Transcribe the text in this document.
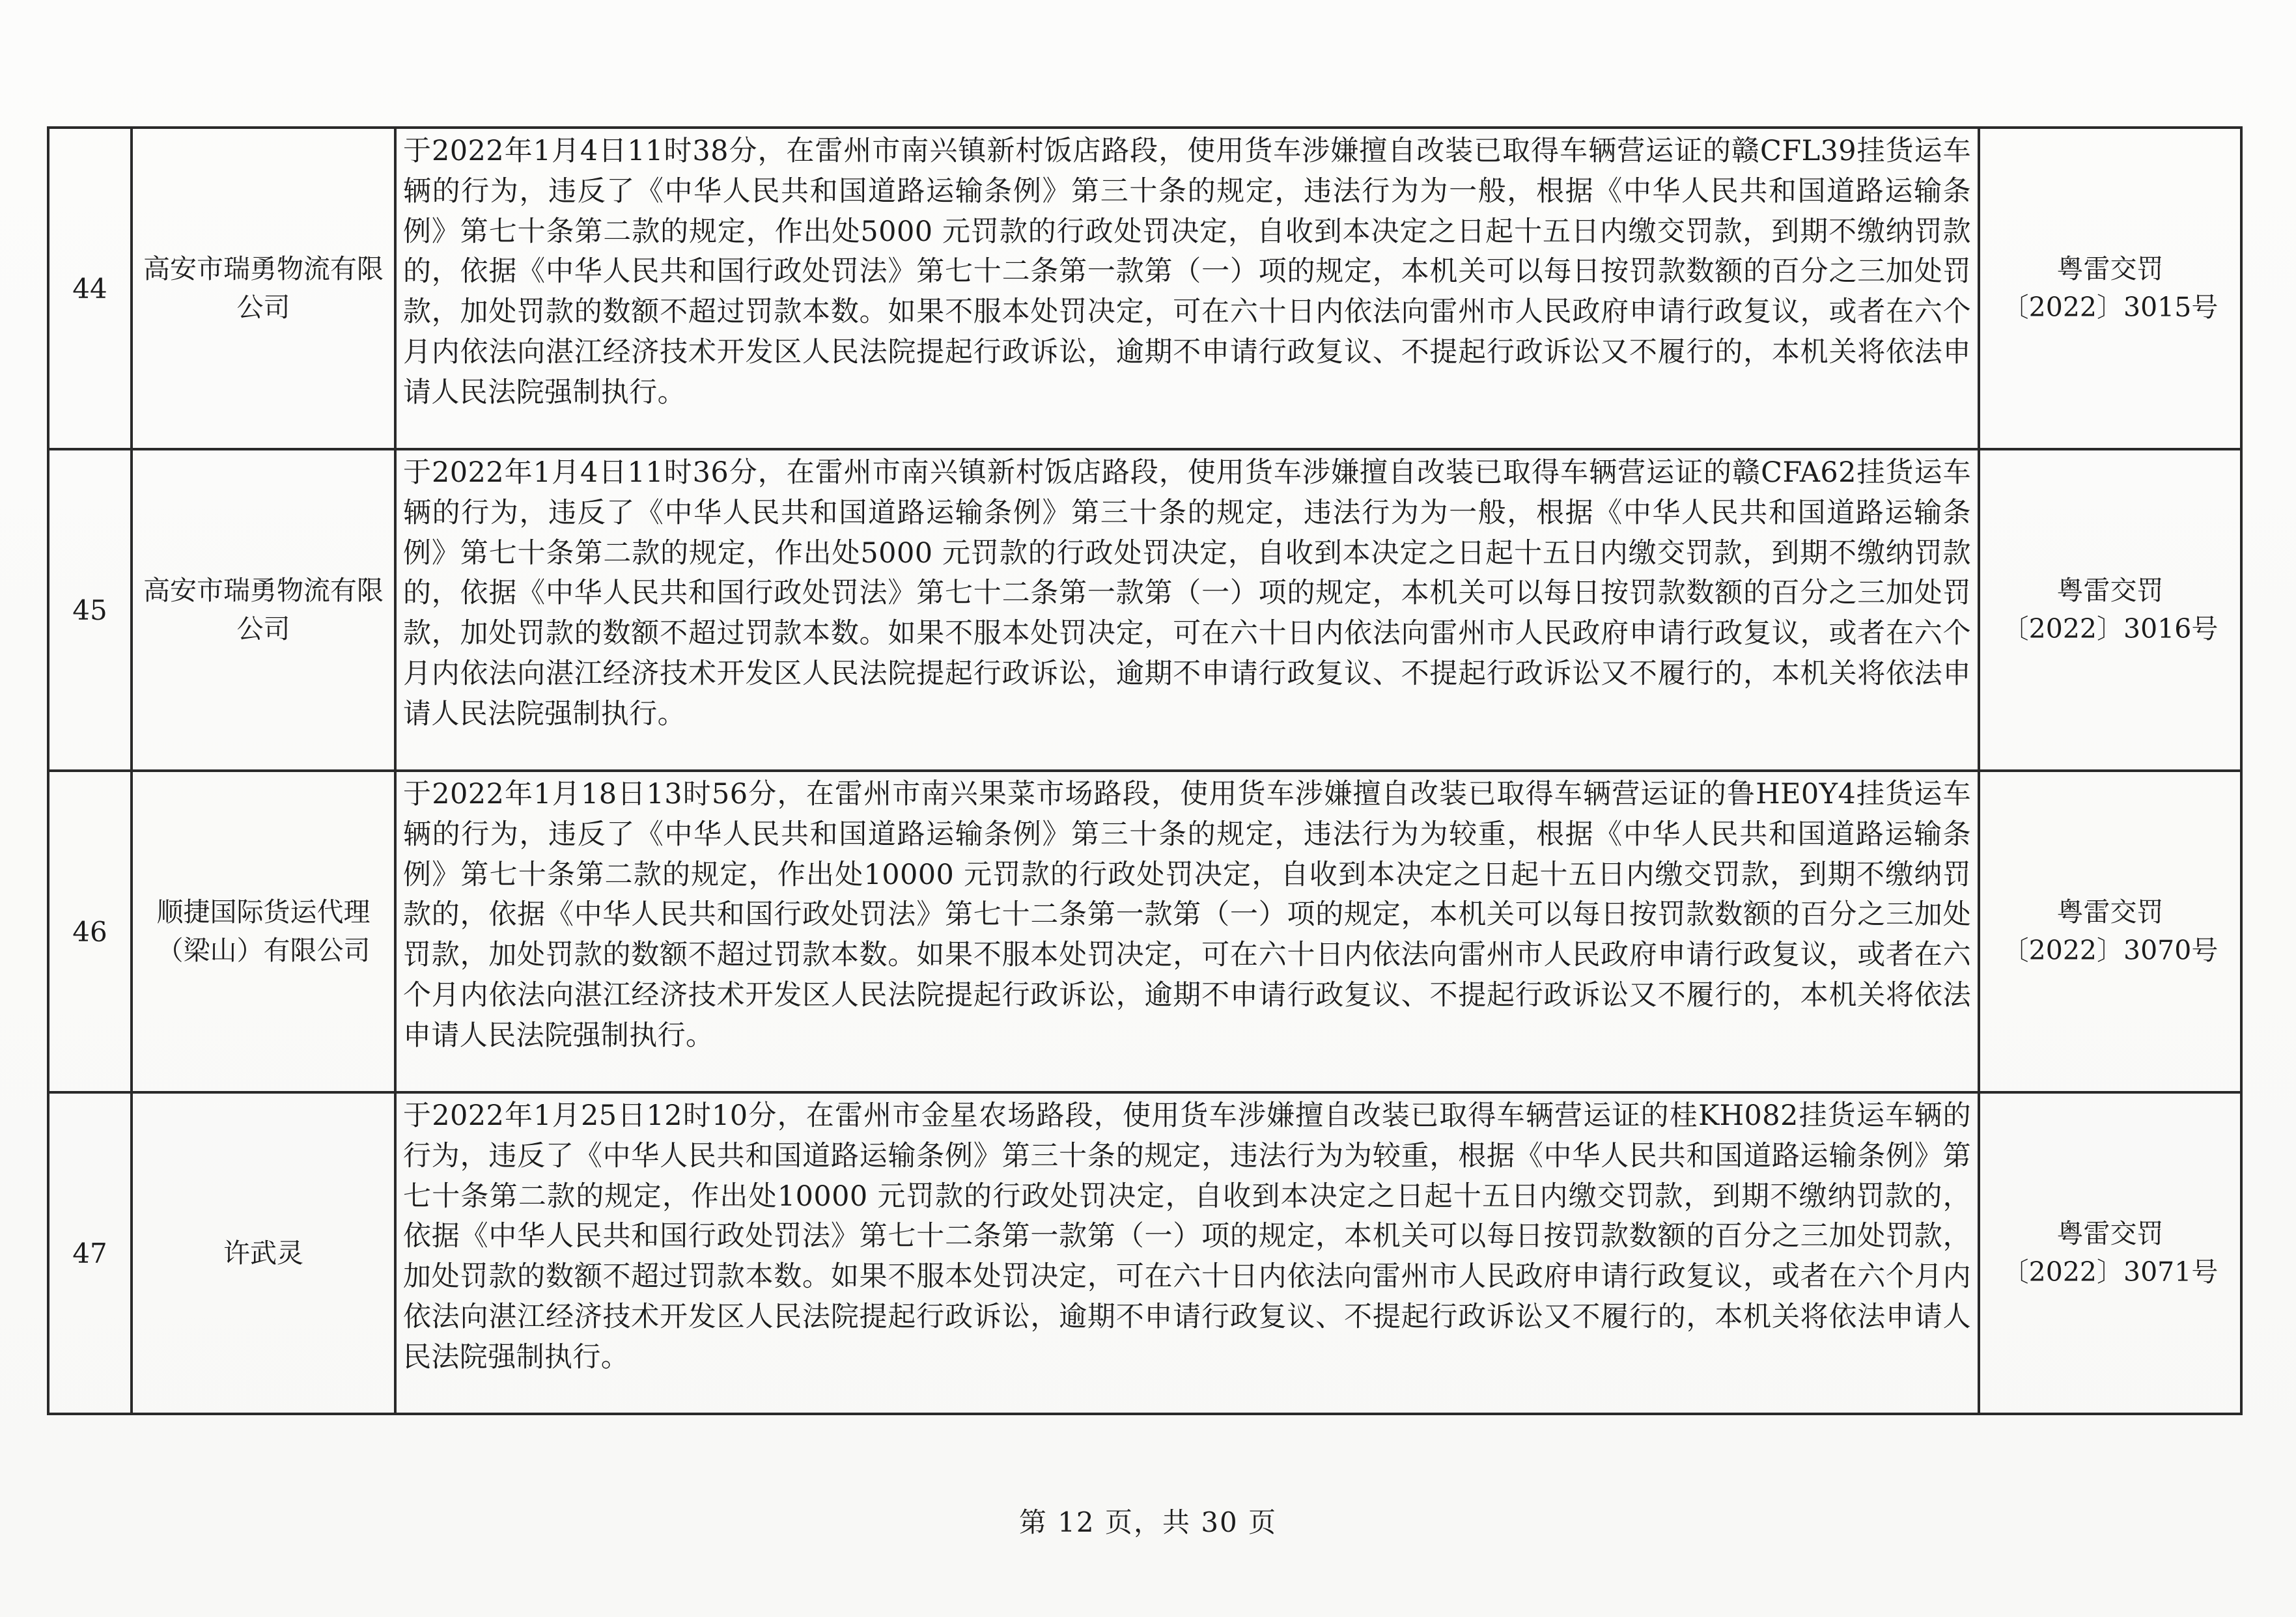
44	高安市瑞勇物流有限公司	于2022年1月4日11时38分，在雷州市南兴镇新村饭店路段，使用货车涉嫌擅自改装已取得车辆营运证的赣CFL39挂货运车辆的行为，违反了《中华人民共和国道路运输条例》第三十条的规定，违法行为为一般，根据《中华人民共和国道路运输条例》第七十条第二款的规定，作出处5000 元罚款的行政处罚决定，自收到本决定之日起十五日内缴交罚款，到期不缴纳罚款的，依据《中华人民共和国行政处罚法》第七十二条第一款第（一）项的规定，本机关可以每日按罚款数额的百分之三加处罚款，加处罚款的数额不超过罚款本数。如果不服本处罚决定，可在六十日内依法向雷州市人民政府申请行政复议，或者在六个月内依法向湛江经济技术开发区人民法院提起行政诉讼，逾期不申请行政复议、不提起行政诉讼又不履行的，本机关将依法申请人民法院强制执行。	粤雷交罚
〔2022〕3015号

45	高安市瑞勇物流有限公司	于2022年1月4日11时36分，在雷州市南兴镇新村饭店路段，使用货车涉嫌擅自改装已取得车辆营运证的赣CFA62挂货运车辆的行为，违反了《中华人民共和国道路运输条例》第三十条的规定，违法行为为一般，根据《中华人民共和国道路运输条例》第七十条第二款的规定，作出处5000 元罚款的行政处罚决定，自收到本决定之日起十五日内缴交罚款，到期不缴纳罚款的，依据《中华人民共和国行政处罚法》第七十二条第一款第（一）项的规定，本机关可以每日按罚款数额的百分之三加处罚款，加处罚款的数额不超过罚款本数。如果不服本处罚决定，可在六十日内依法向雷州市人民政府申请行政复议，或者在六个月内依法向湛江经济技术开发区人民法院提起行政诉讼，逾期不申请行政复议、不提起行政诉讼又不履行的，本机关将依法申请人民法院强制执行。	粤雷交罚
〔2022〕3016号

46	顺捷国际货运代理（梁山）有限公司	于2022年1月18日13时56分，在雷州市南兴果菜市场路段，使用货车涉嫌擅自改装已取得车辆营运证的鲁HE0Y4挂货运车辆的行为，违反了《中华人民共和国道路运输条例》第三十条的规定，违法行为为较重，根据《中华人民共和国道路运输条例》第七十条第二款的规定，作出处10000 元罚款的行政处罚决定，自收到本决定之日起十五日内缴交罚款，到期不缴纳罚款的，依据《中华人民共和国行政处罚法》第七十二条第一款第（一）项的规定，本机关可以每日按罚款数额的百分之三加处罚款，加处罚款的数额不超过罚款本数。如果不服本处罚决定，可在六十日内依法向雷州市人民政府申请行政复议，或者在六个月内依法向湛江经济技术开发区人民法院提起行政诉讼，逾期不申请行政复议、不提起行政诉讼又不履行的，本机关将依法申请人民法院强制执行。	粤雷交罚
〔2022〕3070号

47	许武灵	于2022年1月25日12时10分，在雷州市金星农场路段，使用货车涉嫌擅自改装已取得车辆营运证的桂KH082挂货运车辆的行为，违反了《中华人民共和国道路运输条例》第三十条的规定，违法行为为较重，根据《中华人民共和国道路运输条例》第七十条第二款的规定，作出处10000 元罚款的行政处罚决定，自收到本决定之日起十五日内缴交罚款，到期不缴纳罚款的，依据《中华人民共和国行政处罚法》第七十二条第一款第（一）项的规定，本机关可以每日按罚款数额的百分之三加处罚款，加处罚款的数额不超过罚款本数。如果不服本处罚决定，可在六十日内依法向雷州市人民政府申请行政复议，或者在六个月内依法向湛江经济技术开发区人民法院提起行政诉讼，逾期不申请行政复议、不提起行政诉讼又不履行的，本机关将依法申请人民法院强制执行。	粤雷交罚
〔2022〕3071号
第 12 页，共 30 页
